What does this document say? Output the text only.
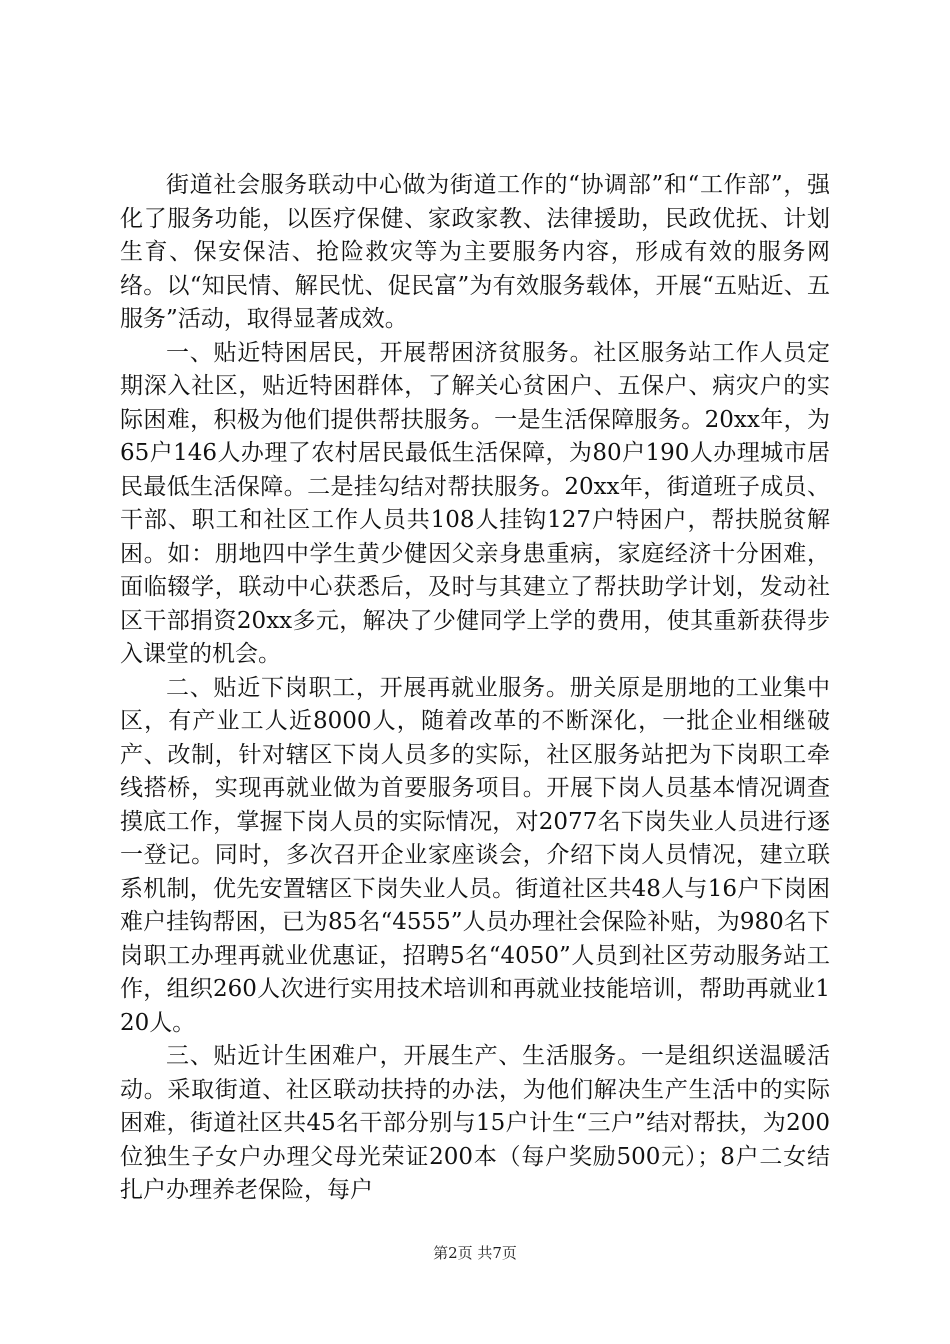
街道社会服务联动中心做为街道工作的“协调部”和“工作部”，强化了服务功能，以医疗保健、家政家教、法律援助，民政优抚、计划生育、保安保洁、抢险救灾等为主要服务内容，形成有效的服务网络。以“知民情、解民忧、促民富”为有效服务载体，开展“五贴近、五服务”活动，取得显著成效。

一、贴近特困居民，开展帮困济贫服务。社区服务站工作人员定期深入社区，贴近特困群体，了解关心贫困户、五保户、病灾户的实际困难，积极为他们提供帮扶服务。一是生活保障服务。20xx年，为65户146人办理了农村居民最低生活保障，为80户190人办理城市居民最低生活保障。二是挂勾结对帮扶服务。20xx年，街道班子成员、干部、职工和社区工作人员共108人挂钩127户特困户，帮扶脱贫解困。如：朋地四中学生黄少健因父亲身患重病，家庭经济十分困难，面临辍学，联动中心获悉后，及时与其建立了帮扶助学计划，发动社区干部捐资20xx多元，解决了少健同学上学的费用，使其重新获得步入课堂的机会。

二、贴近下岗职工，开展再就业服务。册关原是朋地的工业集中区，有产业工人近8000人，随着改革的不断深化，一批企业相继破产、改制，针对辖区下岗人员多的实际，社区服务站把为下岗职工牵线搭桥，实现再就业做为首要服务项目。开展下岗人员基本情况调查摸底工作，掌握下岗人员的实际情况，对2077名下岗失业人员进行逐一登记。同时，多次召开企业家座谈会，介绍下岗人员情况，建立联系机制，优先安置辖区下岗失业人员。街道社区共48人与16户下岗困难户挂钩帮困，已为85名“4555”人员办理社会保险补贴，为980名下岗职工办理再就业优惠证，招聘5名“4050”人员到社区劳动服务站工作，组织260人次进行实用技术培训和再就业技能培训，帮助再就业120人。

三、贴近计生困难户，开展生产、生活服务。一是组织送温暖活动。采取街道、社区联动扶持的办法，为他们解决生产生活中的实际困难，街道社区共45名干部分别与15户计生“三户”结对帮扶，为200位独生子女户办理父母光荣证200本（每户奖励500元）；8户二女结扎户办理养老保险，每户

第2页 共7页
